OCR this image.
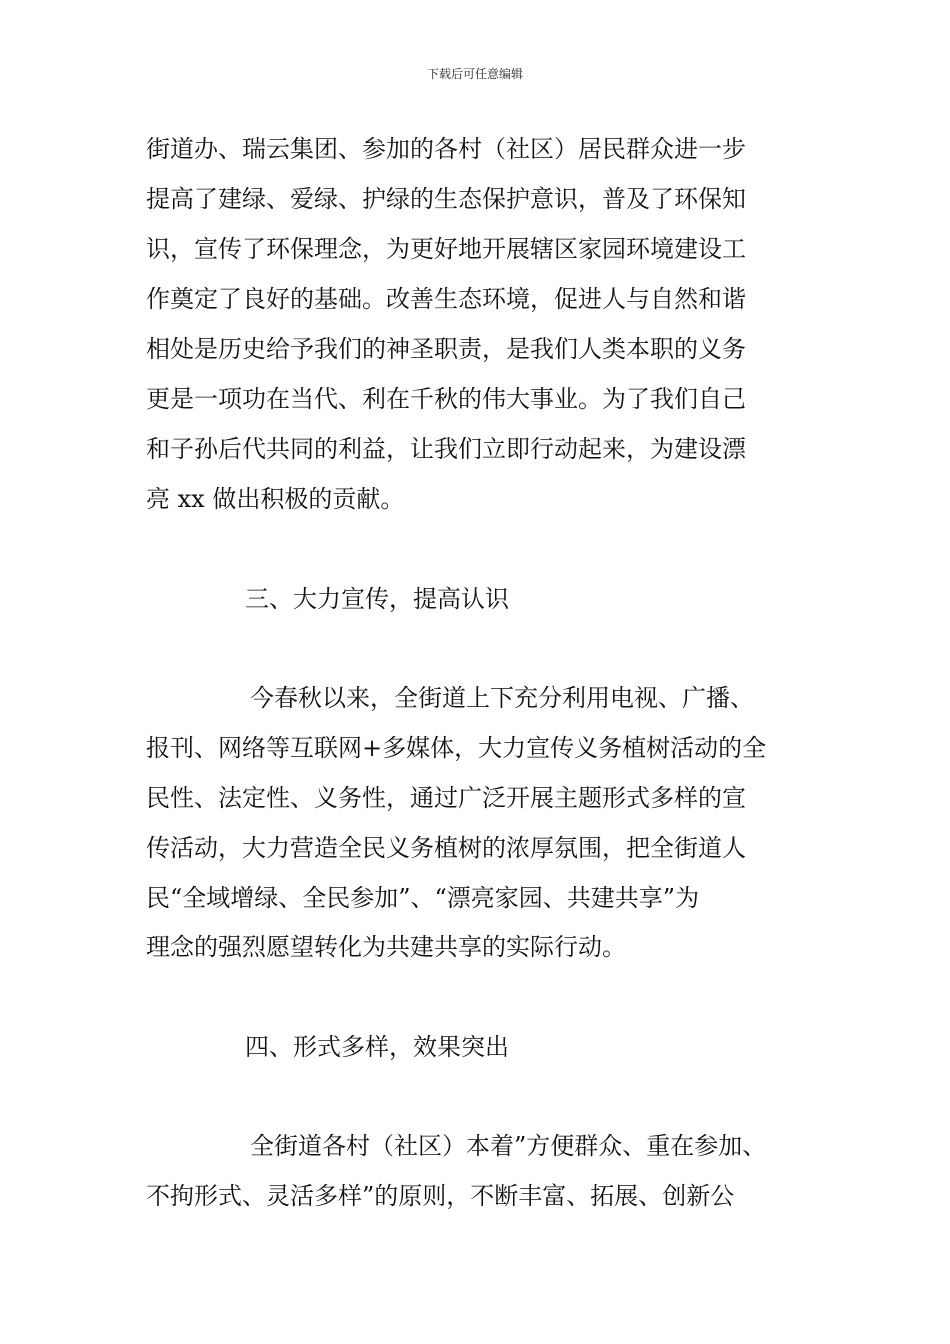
下载后可任意编辑
街道办、瑞云集团、参加的各村（社区）居民群众进一步
提高了建绿、爱绿、护绿的生态保护意识，普及了环保知
识，宣传了环保理念，为更好地开展辖区家园环境建设工
作奠定了良好的基础。改善生态环境，促进人与自然和谐
相处是历史给予我们的神圣职责，是我们人类本职的义务
更是一项功在当代、利在千秋的伟大事业。为了我们自己
和子孙后代共同的利益，让我们立即行动起来，为建设漂
亮 xx 做出积极的贡献。
三、大力宣传，提高认识
今春秋以来，全街道上下充分利用电视、广播、
报刊、网络等互联网+多媒体，大力宣传义务植树活动的全
民性、法定性、义务性，通过广泛开展主题形式多样的宣
传活动，大力营造全民义务植树的浓厚氛围，把全街道人
民“全域增绿、全民参加”、“漂亮家园、共建共享”为
理念的强烈愿望转化为共建共享的实际行动。
四、形式多样，效果突出
全街道各村（社区）本着”方便群众、重在参加、
不拘形式、灵活多样”的原则，不断丰富、拓展、创新公
